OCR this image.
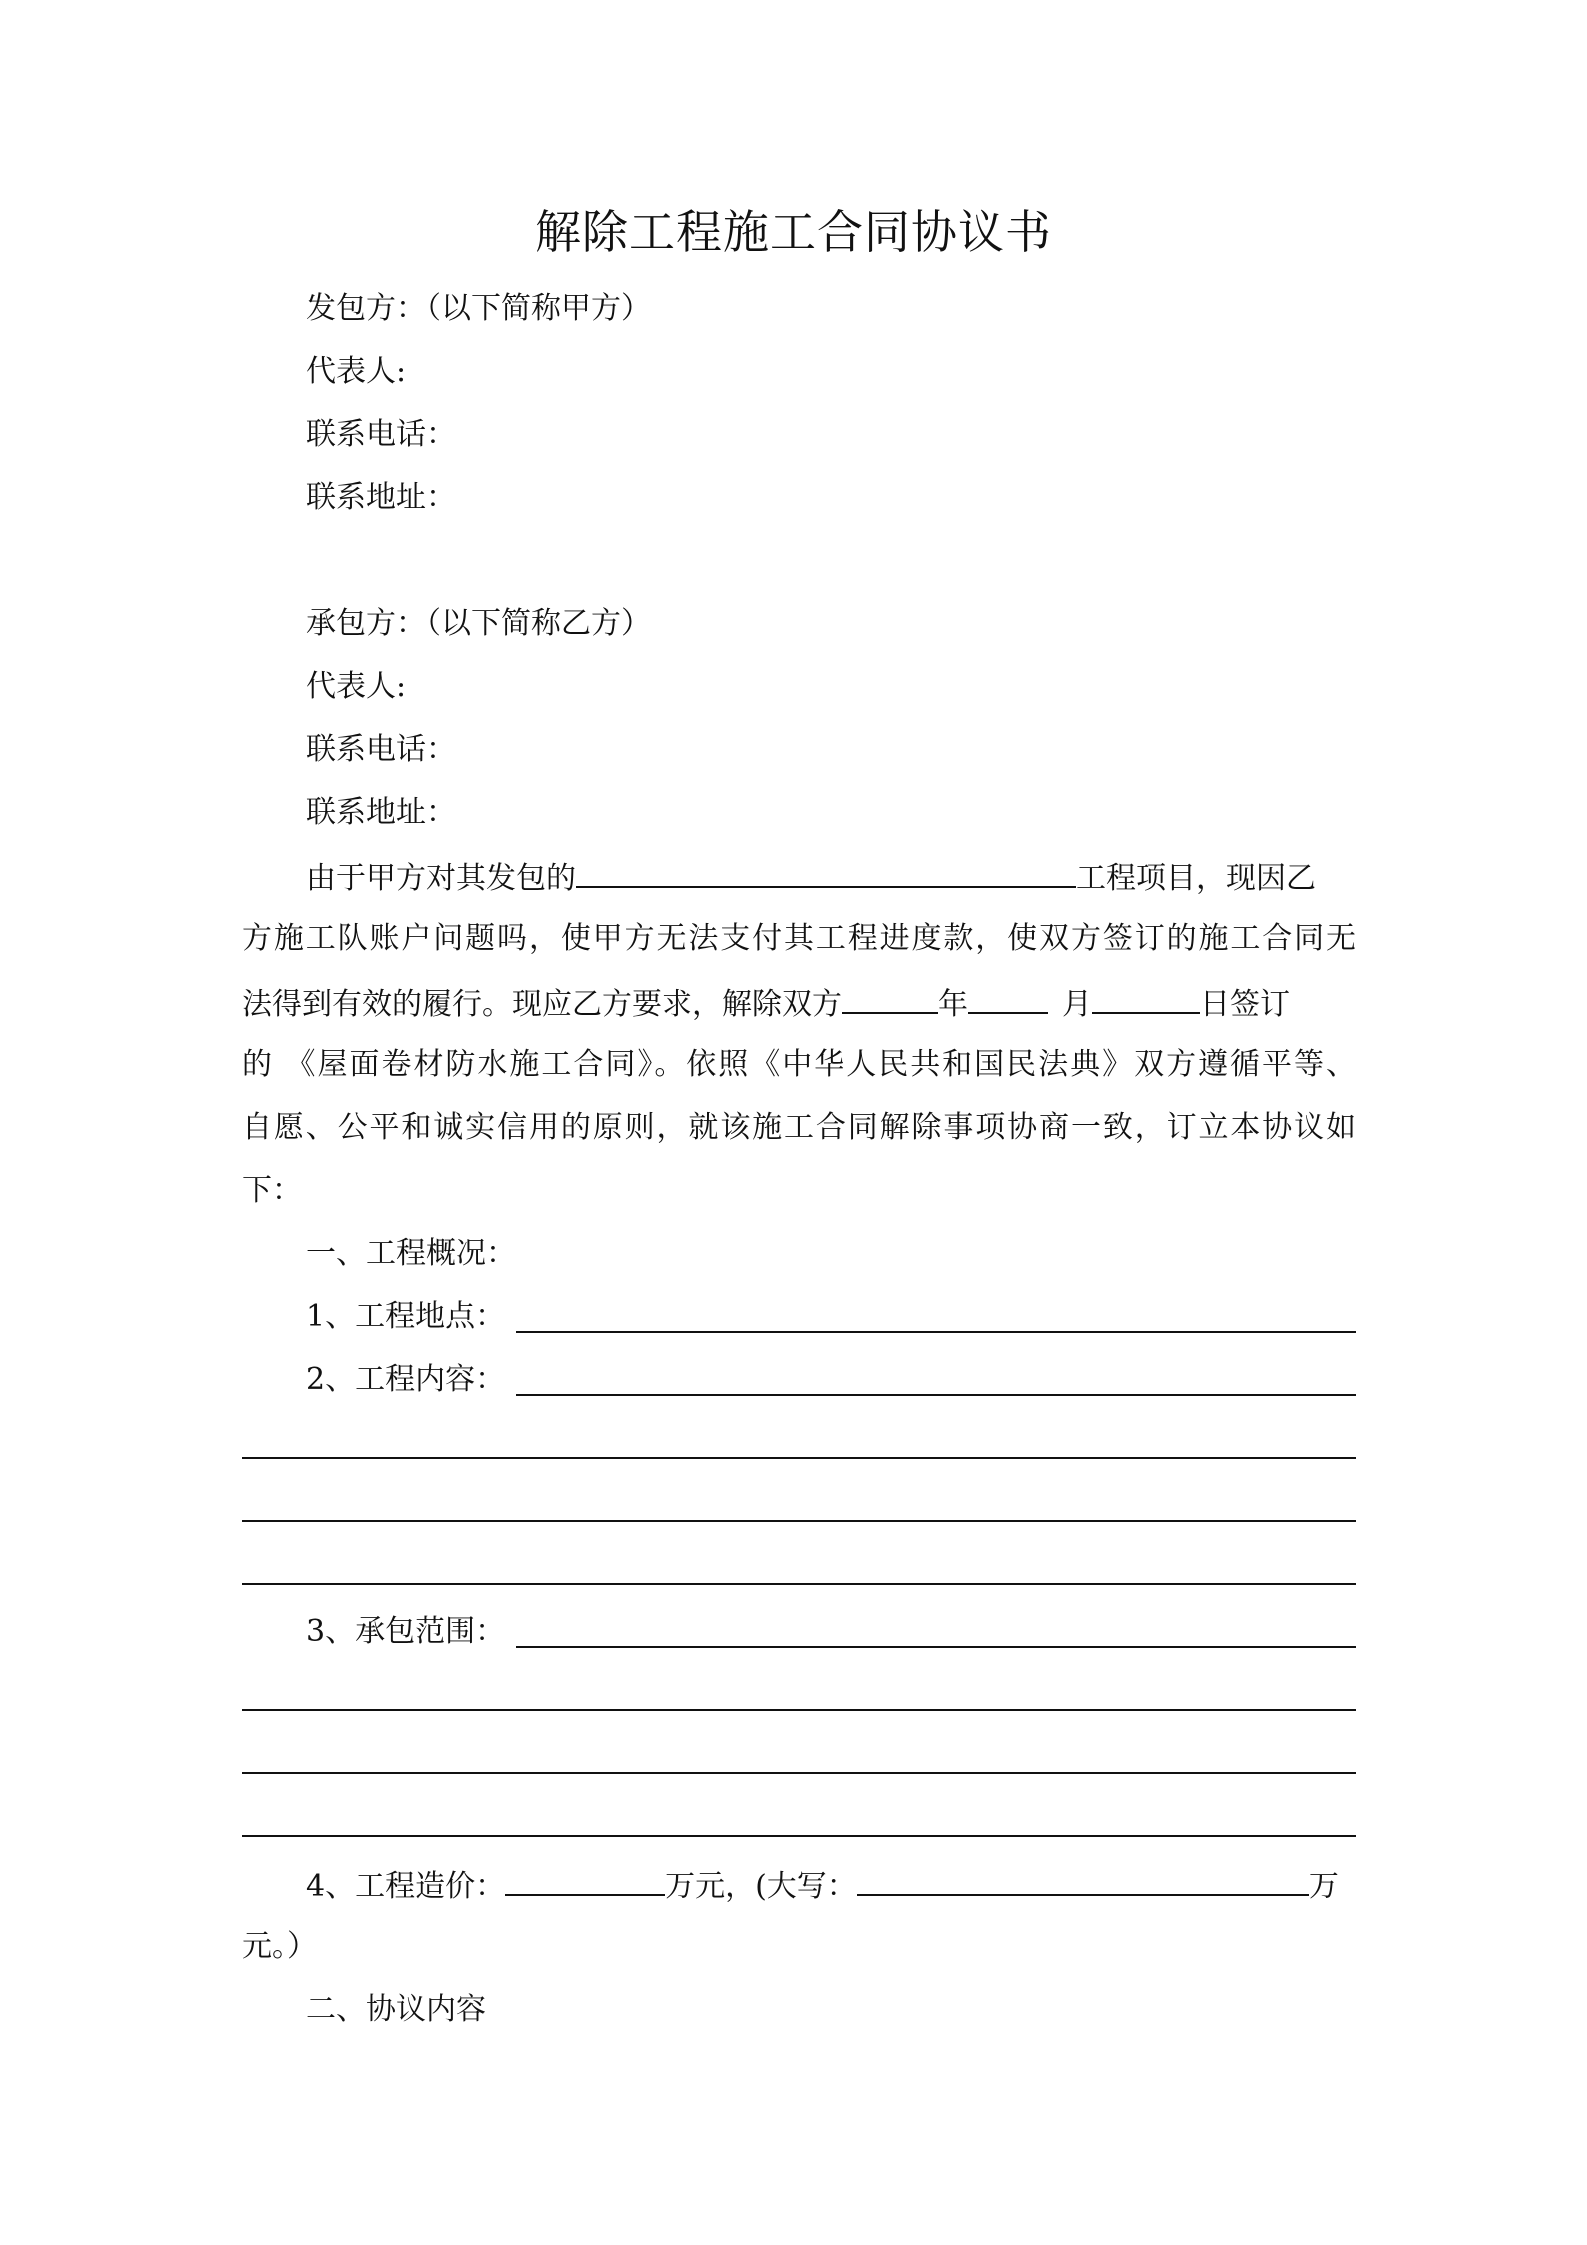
解除工程施工合同协议书
发包方：（以下简称甲方）
代表人:
联系电话：
联系地址：
承包方：（以下简称乙方）
代表人:
联系电话：
联系地址：
由于甲方对其发包的	工程项目，现因乙
方施工队账户问题吗，使甲方无法支付其工程进度款，使双方签订的施工合同无
法得到有效的履行。现应乙方要求，解除双方	年	月	日签订
的 《屋面卷材防水施工合同》。依照《中华人民共和国民法典》双方遵循平等、
自愿、公平和诚实信用的原则，就该施工合同解除事项协商一致，订立本协议如
下：
一、工程概况：
1、工程地点：
2、工程内容：
3、承包范围：
4、工程造价：	万元，(大写：	万
元。）
二、协议内容
